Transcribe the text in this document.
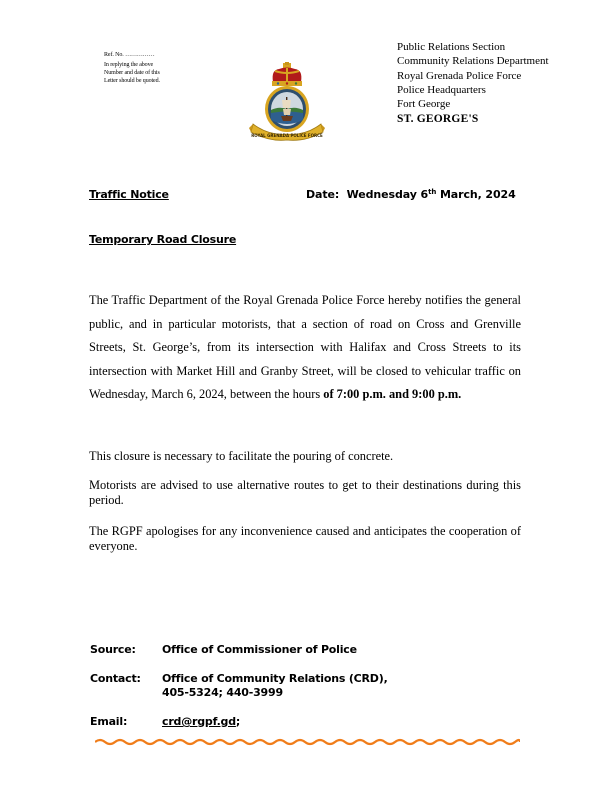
Ref. No. ……………
In replying the above
Number and date of this
Letter should be quoted.
ROYAL GRENADA POLICE FORCE
Public Relations Section
Community Relations Department
Royal Grenada Police Force
Police Headquarters
Fort George
ST. GEORGE'S
Traffic Notice	Date: Wednesday 6th March, 2024
Temporary Road Closure
The Traffic Department of the Royal Grenada Police Force hereby notifies the general public, and in particular motorists, that a section of road on Cross and Grenville Streets, St. George’s, from its intersection with Halifax and Cross Streets to its intersection with Market Hill and Granby Street, will be closed to vehicular traffic on Wednesday, March 6, 2024, between the hours of 7:00 p.m. and 9:00 p.m.
This closure is necessary to facilitate the pouring of concrete.
Motorists are advised to use alternative routes to get to their destinations during this period.
The RGPF apologises for any inconvenience caused and anticipates the cooperation of everyone.
Source: Office of Commissioner of Police
Contact: Office of Community Relations (CRD),
405-5324; 440-3999
Email:	crd@rgpf.gd;
